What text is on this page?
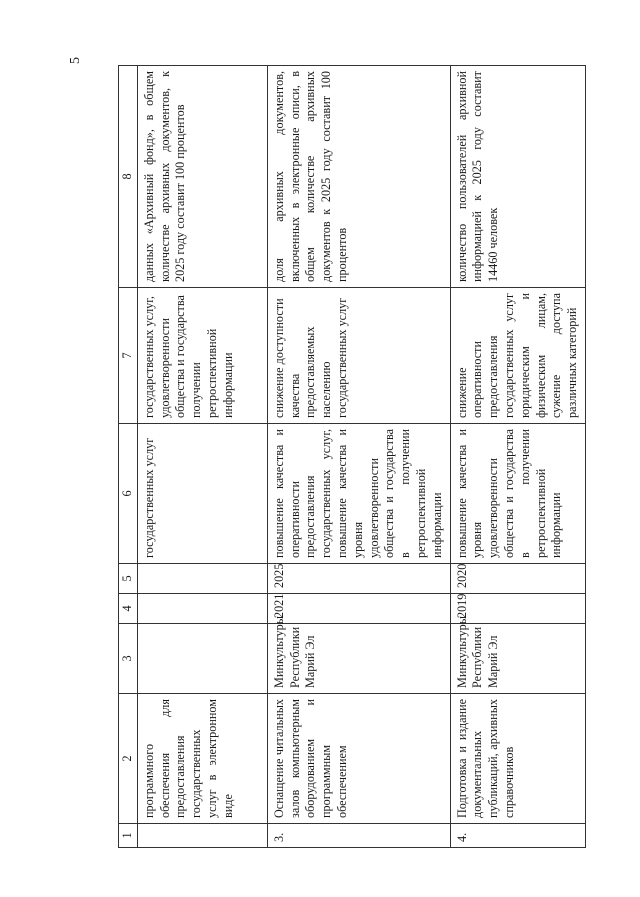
5
1	2	3	4	5	6	7	8
	программного обеспечения для предоставления государственных услуг в электронном виде				государственных услуг	государственных услуг, удовлетворенности общества и государства получении ретроспективной информации	данных «Архивный фонд», в общем количестве архивных документов, к 2025 году составит 100 процентов
3.	Оснащение читальных залов компьютерным оборудованием и программным обеспечением	Минкультуры Республики Марий Эл	2021	2025	повышение качества и оперативности предоставления государственных услуг, повышение качества и уровня удовлетворенности общества и государства в получении ретроспективной информации	снижение доступности качества предоставляемых населению государственных услуг	доля архивных документов, включенных в электронные описи, в общем количестве архивных документов к 2025 году составит 100 процентов
4.	Подготовка и издание документальных публикаций, архивных справочников	Минкультуры Республики Марий Эл	2019	2020	повышение качества и уровня удовлетворенности общества и государства в получении ретроспективной информации	снижение оперативности предоставления государственных услуг юридическим и физическим лицам, сужение доступа различных категорий	количество пользователей архивной информацией к 2025 году составит 14460 человек
